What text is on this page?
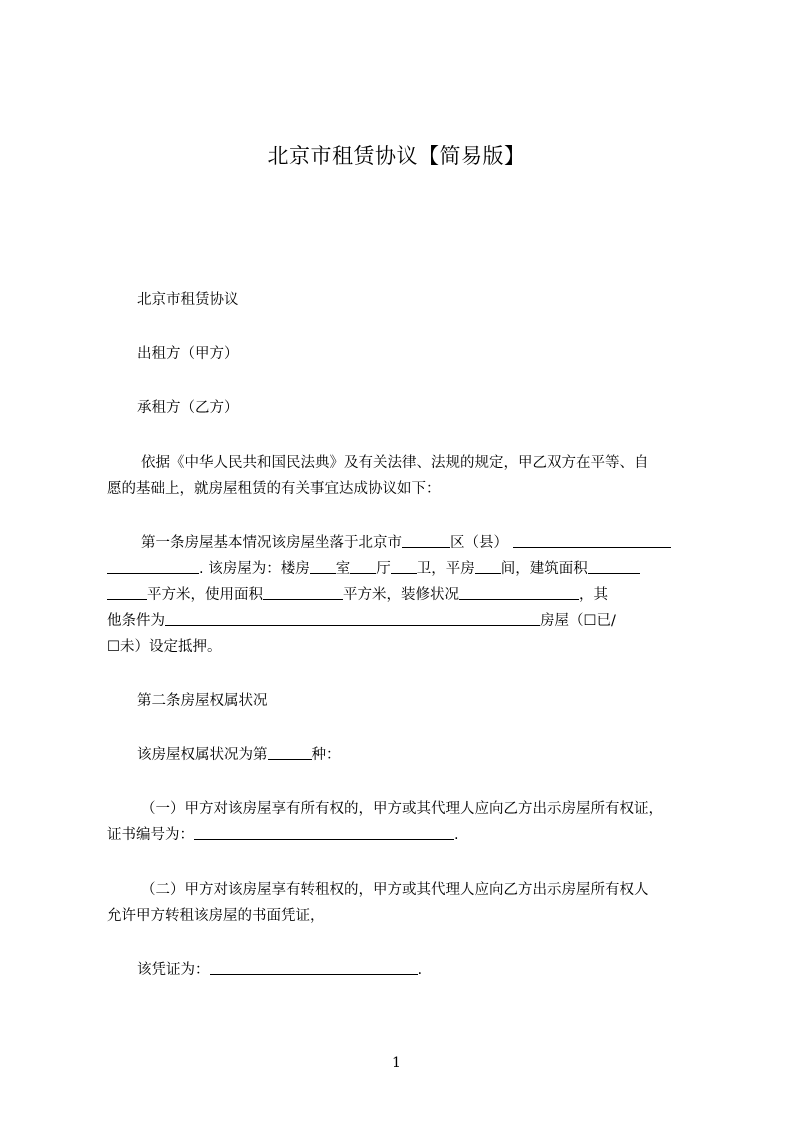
北京市租赁协议【简易版】
北京市租赁协议
出租方（甲方）
承租方（乙方）
依据《中华人民共和国民法典》及有关法律、法规的规定，甲乙双方在平等、自
愿的基础上，就房屋租赁的有关事宜达成协议如下：
第一条房屋基本情况该房屋坐落于北京市	区（县）
. 该房屋为：楼房 室 厅 卫，平房 间，建筑面积
平方米，使用面积	平方米，装修状况	，其
他条件为	房屋（☐已/
☐未）设定抵押。
第二条房屋权属状况
该房屋权属状况为第	种：
（一）甲方对该房屋享有所有权的，甲方或其代理人应向乙方出示房屋所有权证，
证书编号为：	.
（二）甲方对该房屋享有转租权的，甲方或其代理人应向乙方出示房屋所有权人
允许甲方转租该房屋的书面凭证，
该凭证为：	.
1
